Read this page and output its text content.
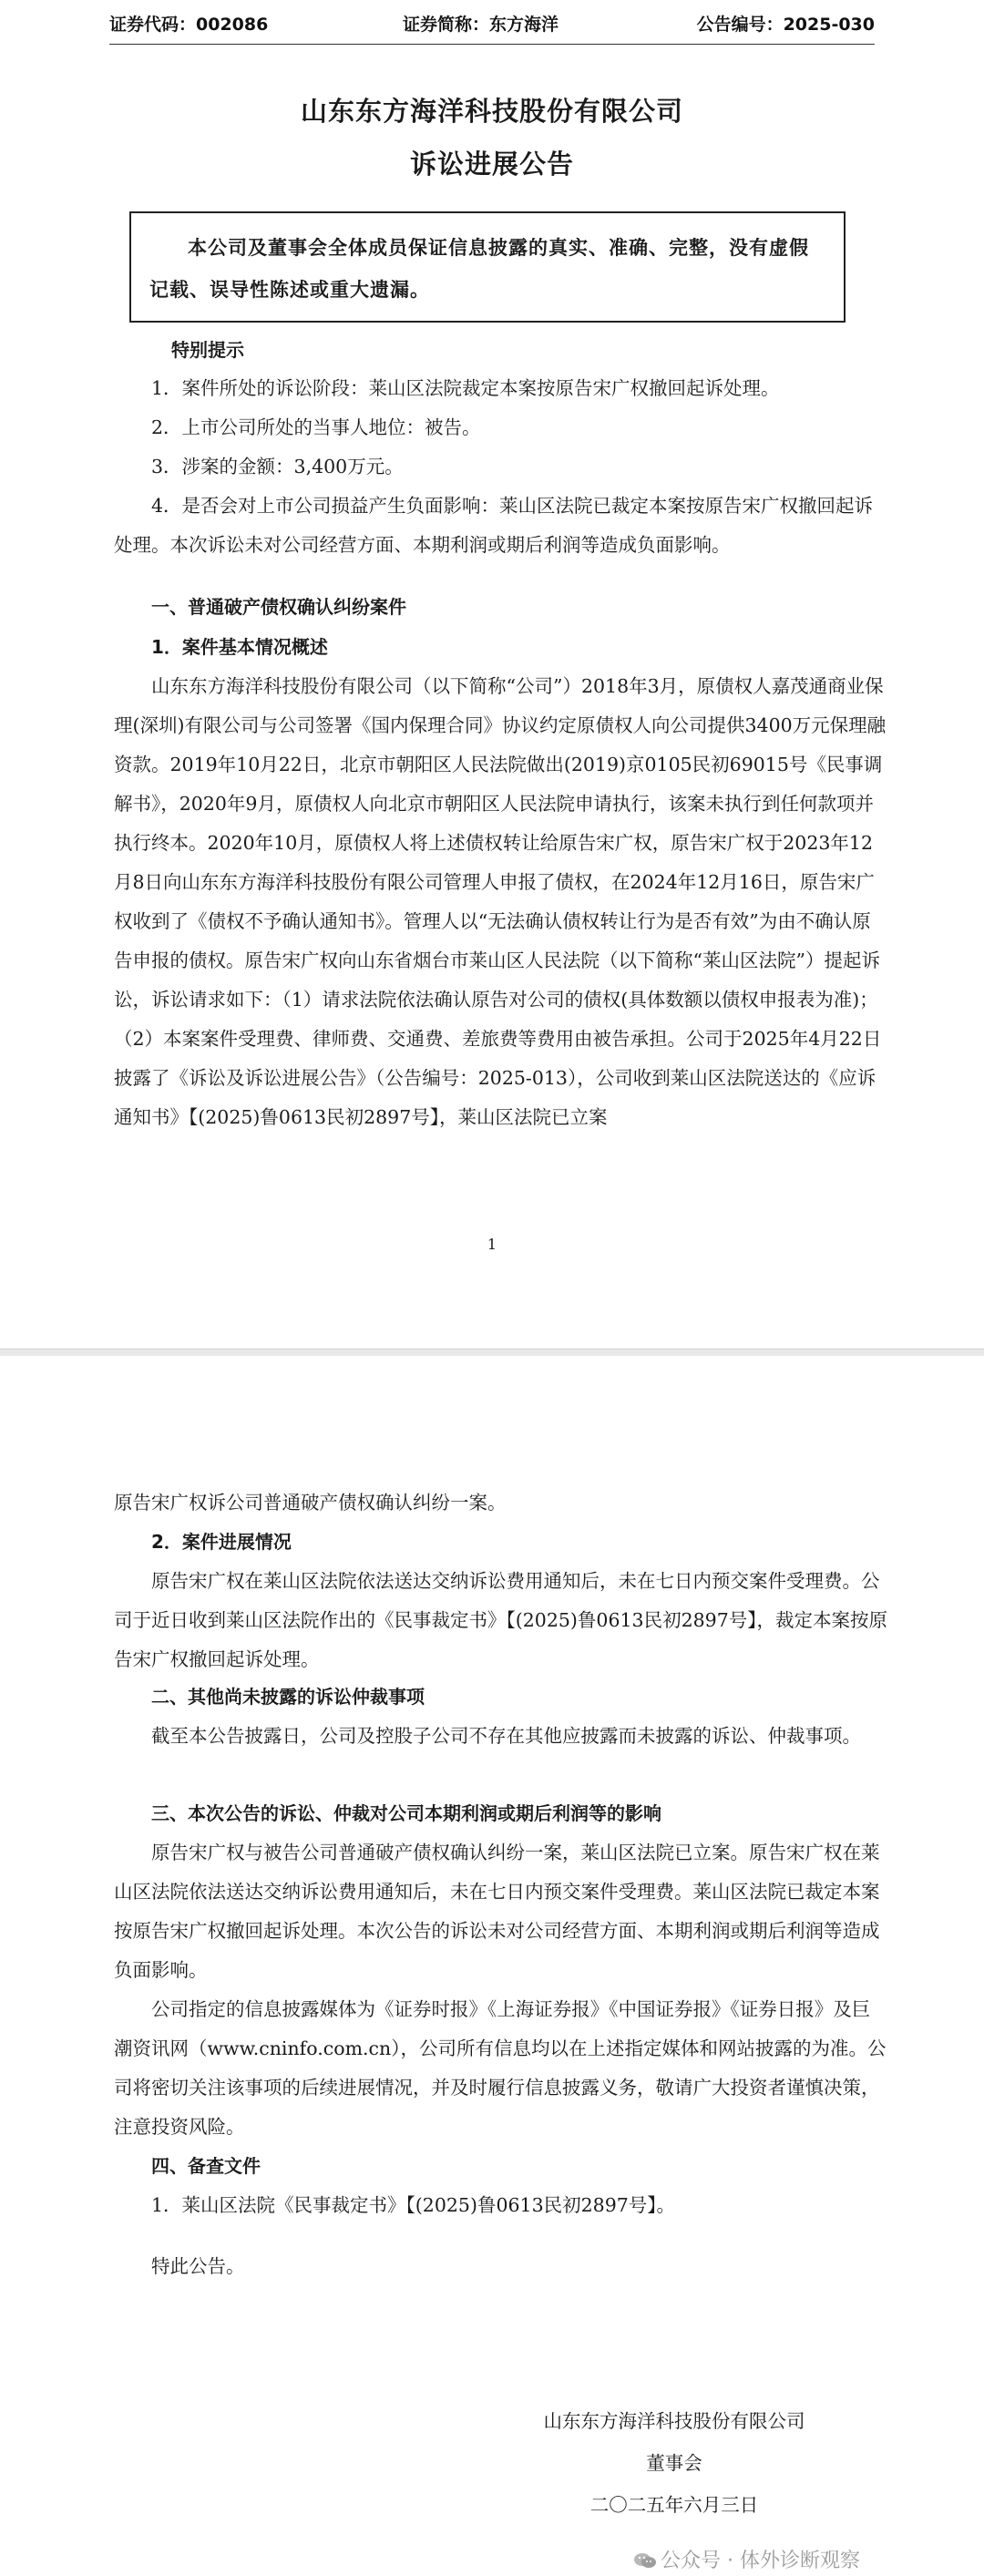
证券代码：002086	证券简称：东方海洋	公告编号：2025-030
山东东方海洋科技股份有限公司
诉讼进展公告

本公司及董事会全体成员保证信息披露的真实、准确、完整，没有虚假记载、误导性陈述或重大遗漏。

特别提示

1．案件所处的诉讼阶段：莱山区法院裁定本案按原告宋广权撤回起诉处理。

2．上市公司所处的当事人地位：被告。

3．涉案的金额：3,400万元。

4．是否会对上市公司损益产生负面影响：莱山区法院已裁定本案按原告宋广权撤回起诉处理。本次诉讼未对公司经营方面、本期利润或期后利润等造成负面影响。

一、普通破产债权确认纠纷案件

1．案件基本情况概述

山东东方海洋科技股份有限公司（以下简称“公司”）2018年3月，原债权人嘉茂通商业保理(深圳)有限公司与公司签署《国内保理合同》协议约定原债权人向公司提供3400万元保理融资款。2019年10月22日，北京市朝阳区人民法院做出(2019)京0105民初69015号《民事调解书》，2020年9月，原债权人向北京市朝阳区人民法院申请执行，该案未执行到任何款项并执行终本。2020年10月，原债权人将上述债权转让给原告宋广权，原告宋广权于2023年12月8日向山东东方海洋科技股份有限公司管理人申报了债权，在2024年12月16日，原告宋广权收到了《债权不予确认通知书》。管理人以“无法确认债权转让行为是否有效”为由不确认原告申报的债权。原告宋广权向山东省烟台市莱山区人民法院（以下简称“莱山区法院”）提起诉讼，诉讼请求如下：（1）请求法院依法确认原告对公司的债权(具体数额以债权申报表为准)；（2）本案案件受理费、律师费、交通费、差旅费等费用由被告承担。公司于2025年4月22日披露了《诉讼及诉讼进展公告》（公告编号：2025-013），公司收到莱山区法院送达的《应诉通知书》【(2025)鲁0613民初2897号】，莱山区法院已立案

1

原告宋广权诉公司普通破产债权确认纠纷一案。

2．案件进展情况

原告宋广权在莱山区法院依法送达交纳诉讼费用通知后，未在七日内预交案件受理费。公司于近日收到莱山区法院作出的《民事裁定书》【(2025)鲁0613民初2897号】，裁定本案按原告宋广权撤回起诉处理。

二、其他尚未披露的诉讼仲裁事项

截至本公告披露日，公司及控股子公司不存在其他应披露而未披露的诉讼、仲裁事项。

三、本次公告的诉讼、仲裁对公司本期利润或期后利润等的影响

原告宋广权与被告公司普通破产债权确认纠纷一案，莱山区法院已立案。原告宋广权在莱山区法院依法送达交纳诉讼费用通知后，未在七日内预交案件受理费。莱山区法院已裁定本案按原告宋广权撤回起诉处理。本次公告的诉讼未对公司经营方面、本期利润或期后利润等造成负面影响。

公司指定的信息披露媒体为《证券时报》《上海证券报》《中国证券报》《证券日报》及巨潮资讯网（www.cninfo.com.cn），公司所有信息均以在上述指定媒体和网站披露的为准。公司将密切关注该事项的后续进展情况，并及时履行信息披露义务，敬请广大投资者谨慎决策，注意投资风险。

四、备查文件

1．莱山区法院《民事裁定书》【(2025)鲁0613民初2897号】。

特此公告。

山东东方海洋科技股份有限公司
董事会
二〇二五年六月三日
公众号 · 体外诊断观察
